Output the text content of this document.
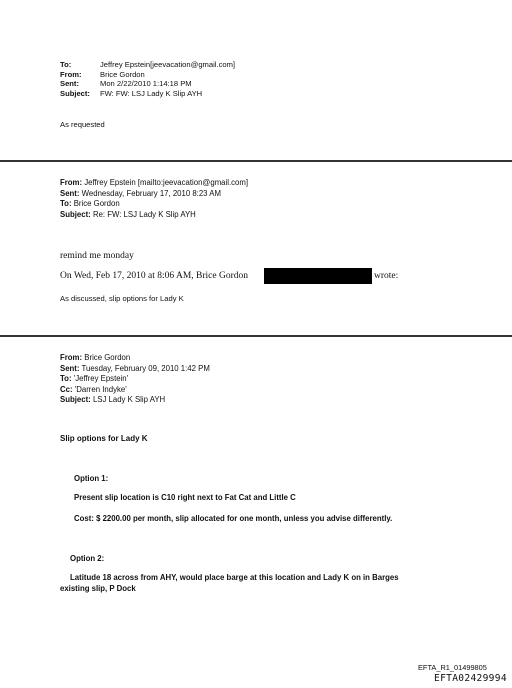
To:	Jeffrey Epstein[jeevacation@gmail.com]
From:	Brice Gordon
Sent:	Mon 2/22/2010 1:14:18 PM
Subject:	FW: FW: LSJ Lady K Slip AYH
As requested
From: Jeffrey Epstein [mailto:jeevacation@gmail.com]
Sent: Wednesday, February 17, 2010 8:23 AM
To: Brice Gordon
Subject: Re: FW: LSJ Lady K Slip AYH
remind me monday
On Wed, Feb 17, 2010 at 8:06 AM, Brice Gordon	wrote:
As discussed, slip options for Lady K
From: Brice Gordon
Sent: Tuesday, February 09, 2010 1:42 PM
To: 'Jeffrey Epstein'
Cc: 'Darren Indyke'
Subject: LSJ Lady K Slip AYH
Slip options for Lady K
Option 1:
Present slip location is C10 right next to Fat Cat and Little C
Cost: $ 2200.00 per month, slip allocated for one month, unless you advise differently.
Option 2:
Latitude 18 across from AHY, would place barge at this location and Lady K on in Barges
existing slip, P Dock
EFTA_R1_01499805
EFTA02429994
